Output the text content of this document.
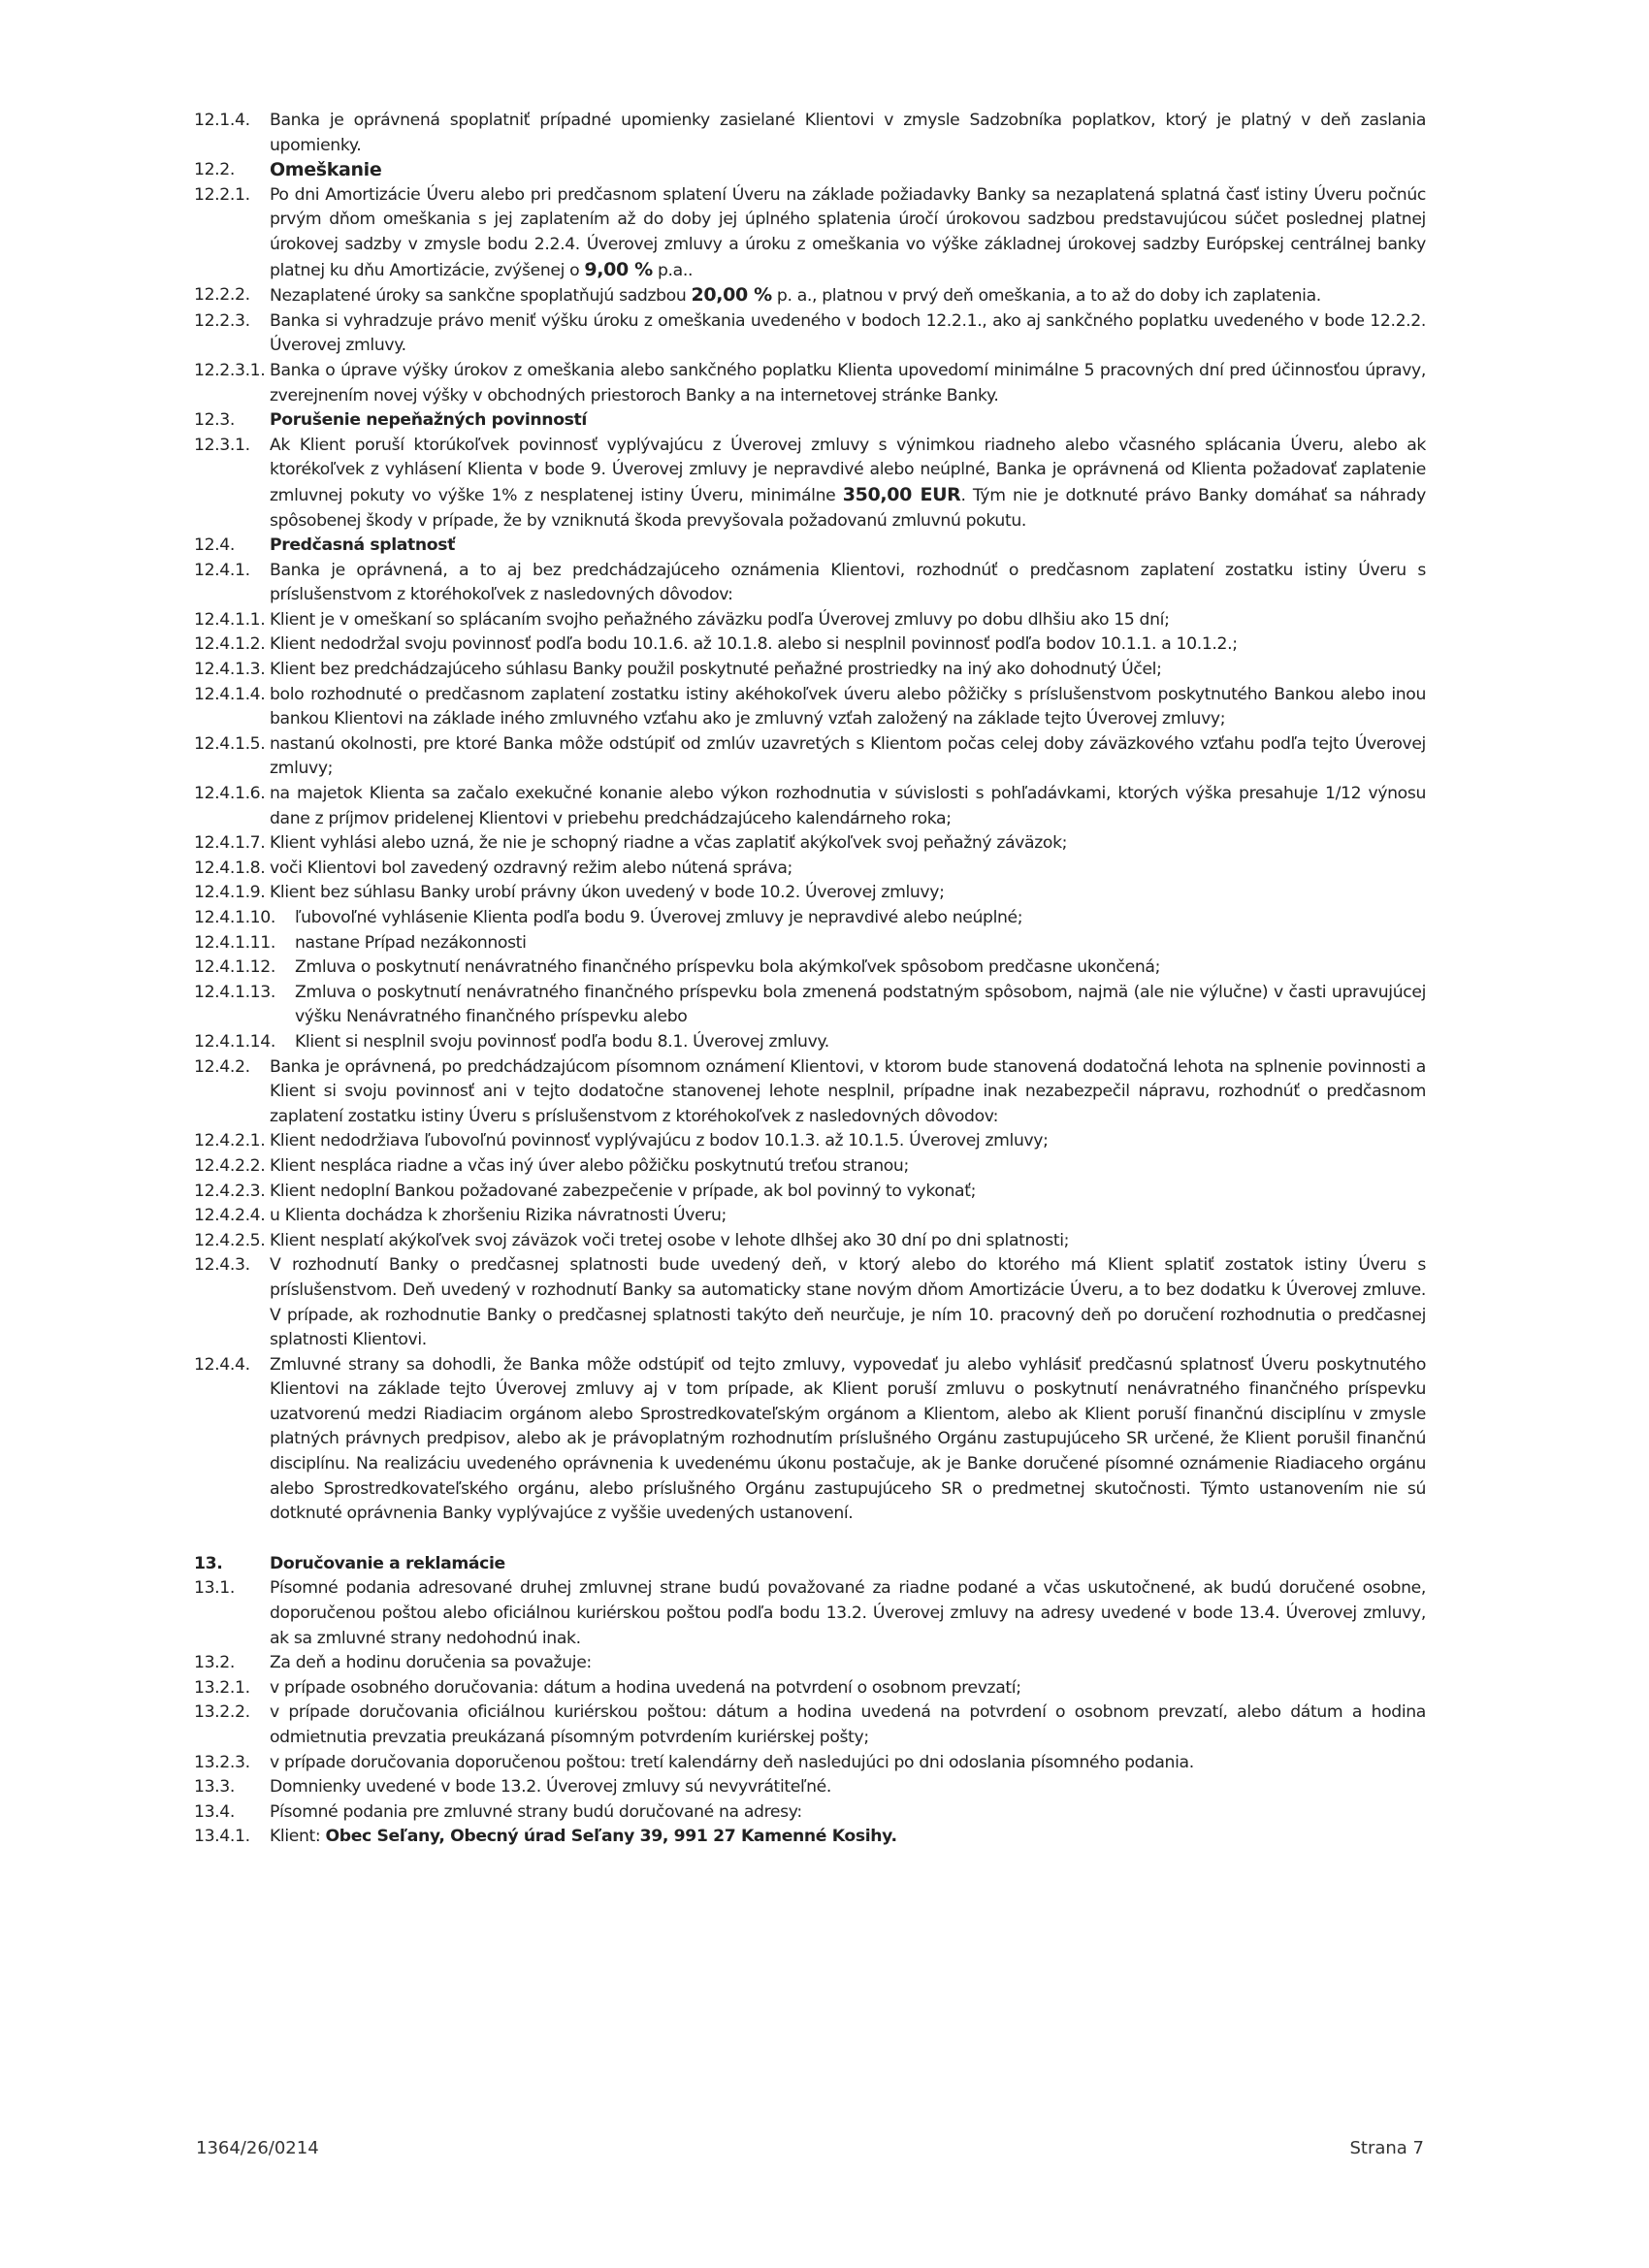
12.1.4.	Banka je oprávnená spoplatniť prípadné upomienky zasielané Klientovi v zmysle Sadzobníka poplatkov, ktorý je platný v deň zaslania upomienky.
12.2.	Omeškanie
12.2.1.	Po dni Amortizácie Úveru alebo pri predčasnom splatení Úveru na základe požiadavky Banky sa nezaplatená splatná časť istiny Úveru počnúc prvým dňom omeškania s jej zaplatením až do doby jej úplného splatenia úročí úrokovou sadzbou predstavujúcou súčet poslednej platnej úrokovej sadzby v zmysle bodu 2.2.4. Úverovej zmluvy a úroku z omeškania vo výške základnej úrokovej sadzby Európskej centrálnej banky platnej ku dňu Amortizácie, zvýšenej o 9,00 % p.a..
12.2.2.	Nezaplatené úroky sa sankčne spoplatňujú sadzbou 20,00 % p. a., platnou v prvý deň omeškania, a to až do doby ich zaplatenia.
12.2.3.	Banka si vyhradzuje právo meniť výšku úroku z omeškania uvedeného v bodoch 12.2.1., ako aj sankčného poplatku uvedeného v bode 12.2.2. Úverovej zmluvy.
12.2.3.1. Banka o úprave výšky úrokov z omeškania alebo sankčného poplatku Klienta upovedomí minimálne 5 pracovných dní pred účinnosťou úpravy, zverejnením novej výšky v obchodných priestoroch Banky a na internetovej stránke Banky.
12.3.	Porušenie nepeňažných povinností
12.3.1.	Ak Klient poruší ktorúkoľvek povinnosť vyplývajúcu z Úverovej zmluvy s výnimkou riadneho alebo včasného splácania Úveru, alebo ak ktorékoľvek z vyhlásení Klienta v bode 9. Úverovej zmluvy je nepravdivé alebo neúplné, Banka je oprávnená od Klienta požadovať zaplatenie zmluvnej pokuty vo výške 1% z nesplatenej istiny Úveru, minimálne 350,00 EUR. Tým nie je dotknuté právo Banky domáhať sa náhrady spôsobenej škody v prípade, že by vzniknutá škoda prevyšovala požadovanú zmluvnú pokutu.
12.4.	Predčasná splatnosť
12.4.1.	Banka je oprávnená, a to aj bez predchádzajúceho oznámenia Klientovi, rozhodnúť o predčasnom zaplatení zostatku istiny Úveru s príslušenstvom z ktoréhokoľvek z nasledovných dôvodov:
12.4.1.1. Klient je v omeškaní so splácaním svojho peňažného záväzku podľa Úverovej zmluvy po dobu dlhšiu ako 15 dní;
12.4.1.2. Klient nedodržal svoju povinnosť podľa bodu 10.1.6. až 10.1.8. alebo si nesplnil povinnosť podľa bodov 10.1.1. a 10.1.2.;
12.4.1.3. Klient bez predchádzajúceho súhlasu Banky použil poskytnuté peňažné prostriedky na iný ako dohodnutý Účel;
12.4.1.4. bolo rozhodnuté o predčasnom zaplatení zostatku istiny akéhokoľvek úveru alebo pôžičky s príslušenstvom poskytnutého Bankou alebo inou bankou Klientovi na základe iného zmluvného vzťahu ako je zmluvný vzťah založený na základe tejto Úverovej zmluvy;
12.4.1.5. nastanú okolnosti, pre ktoré Banka môže odstúpiť od zmlúv uzavretých s Klientom počas celej doby záväzkového vzťahu podľa tejto Úverovej zmluvy;
12.4.1.6. na majetok Klienta sa začalo exekučné konanie alebo výkon rozhodnutia v súvislosti s pohľadávkami, ktorých výška presahuje 1/12 výnosu dane z príjmov pridelenej Klientovi v priebehu predchádzajúceho kalendárneho roka;
12.4.1.7. Klient vyhlási alebo uzná, že nie je schopný riadne a včas zaplatiť akýkoľvek svoj peňažný záväzok;
12.4.1.8. voči Klientovi bol zavedený ozdravný režim alebo nútená správa;
12.4.1.9. Klient bez súhlasu Banky urobí právny úkon uvedený v bode 10.2. Úverovej zmluvy;
12.4.1.10.	ľubovoľné vyhlásenie Klienta podľa bodu 9. Úverovej zmluvy je nepravdivé alebo neúplné;
12.4.1.11.	nastane Prípad nezákonnosti
12.4.1.12.	Zmluva o poskytnutí nenávratného finančného príspevku bola akýmkoľvek spôsobom predčasne ukončená;
12.4.1.13.	Zmluva o poskytnutí nenávratného finančného príspevku bola zmenená podstatným spôsobom, najmä (ale nie výlučne) v časti upravujúcej výšku Nenávratného finančného príspevku alebo
12.4.1.14.	Klient si nesplnil svoju povinnosť podľa bodu 8.1. Úverovej zmluvy.
12.4.2.	Banka je oprávnená, po predchádzajúcom písomnom oznámení Klientovi, v ktorom bude stanovená dodatočná lehota na splnenie povinnosti a Klient si svoju povinnosť ani v tejto dodatočne stanovenej lehote nesplnil, prípadne inak nezabezpečil nápravu, rozhodnúť o predčasnom zaplatení zostatku istiny Úveru s príslušenstvom z ktoréhokoľvek z nasledovných dôvodov:
12.4.2.1. Klient nedodržiava ľubovoľnú povinnosť vyplývajúcu z bodov 10.1.3. až 10.1.5. Úverovej zmluvy;
12.4.2.2. Klient nespláca riadne a včas iný úver alebo pôžičku poskytnutú treťou stranou;
12.4.2.3. Klient nedoplní Bankou požadované zabezpečenie v prípade, ak bol povinný to vykonať;
12.4.2.4. u Klienta dochádza k zhoršeniu Rizika návratnosti Úveru;
12.4.2.5. Klient nesplatí akýkoľvek svoj záväzok voči tretej osobe v lehote dlhšej ako 30 dní po dni splatnosti;
12.4.3.	V rozhodnutí Banky o predčasnej splatnosti bude uvedený deň, v ktorý alebo do ktorého má Klient splatiť zostatok istiny Úveru s príslušenstvom. Deň uvedený v rozhodnutí Banky sa automaticky stane novým dňom Amortizácie Úveru, a to bez dodatku k Úverovej zmluve. V prípade, ak rozhodnutie Banky o predčasnej splatnosti takýto deň neurčuje, je ním 10. pracovný deň po doručení rozhodnutia o predčasnej splatnosti Klientovi.
12.4.4.	Zmluvné strany sa dohodli, že Banka môže odstúpiť od tejto zmluvy, vypovedať ju alebo vyhlásiť predčasnú splatnosť Úveru poskytnutého Klientovi na základe tejto Úverovej zmluvy aj v tom prípade, ak Klient poruší zmluvu o poskytnutí nenávratného finančného príspevku uzatvorenú medzi Riadiacim orgánom alebo Sprostredkovateľským orgánom a Klientom, alebo ak Klient poruší finančnú disciplínu v zmysle platných právnych predpisov, alebo ak je právoplatným rozhodnutím príslušného Orgánu zastupujúceho SR určené, že Klient porušil finančnú disciplínu. Na realizáciu uvedeného oprávnenia k uvedenému úkonu postačuje, ak je Banke doručené písomné oznámenie Riadiaceho orgánu alebo Sprostredkovateľského orgánu, alebo príslušného Orgánu zastupujúceho SR o predmetnej skutočnosti. Týmto ustanovením nie sú dotknuté oprávnenia Banky vyplývajúce z vyššie uvedených ustanovení.
13.	Doručovanie a reklamácie
13.1.	Písomné podania adresované druhej zmluvnej strane budú považované za riadne podané a včas uskutočnené, ak budú doručené osobne, doporučenou poštou alebo oficiálnou kuriérskou poštou podľa bodu 13.2. Úverovej zmluvy na adresy uvedené v bode 13.4. Úverovej zmluvy, ak sa zmluvné strany nedohodnú inak.
13.2.	Za deň a hodinu doručenia sa považuje:
13.2.1.	v prípade osobného doručovania: dátum a hodina uvedená na potvrdení o osobnom prevzatí;
13.2.2.	v prípade doručovania oficiálnou kuriérskou poštou: dátum a hodina uvedená na potvrdení o osobnom prevzatí, alebo dátum a hodina odmietnutia prevzatia preukázaná písomným potvrdením kuriérskej pošty;
13.2.3.	v prípade doručovania doporučenou poštou: tretí kalendárny deň nasledujúci po dni odoslania písomného podania.
13.3.	Domnienky uvedené v bode 13.2. Úverovej zmluvy sú nevyvrátiteľné.
13.4.	Písomné podania pre zmluvné strany budú doručované na adresy:
13.4.1.	Klient: Obec Seľany, Obecný úrad Seľany 39, 991 27 Kamenné Kosihy.
1364/26/0214	Strana 7
